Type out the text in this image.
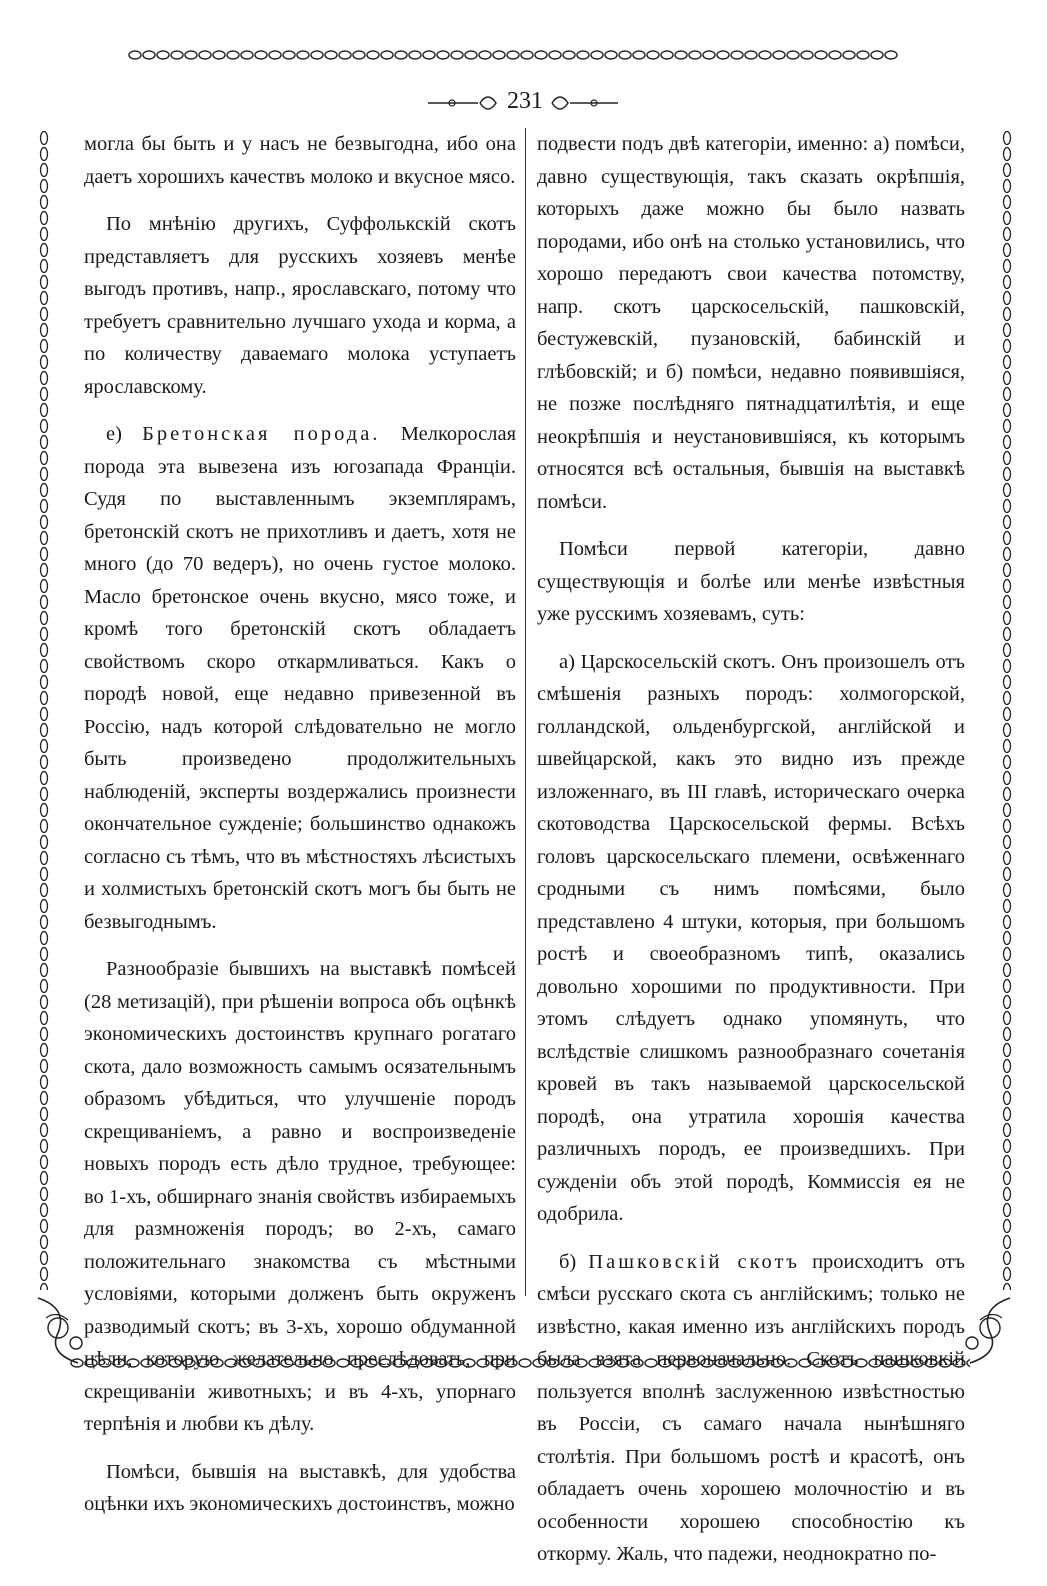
231

могла бы быть и у насъ не безвыгодна, ибо она даетъ хорошихъ качествъ молоко и вкусное мясо.

По мнѣнію другихъ, Суффолькскій скотъ представляетъ для русскихъ хозяевъ менѣе выгодъ противъ, напр., ярославскаго, потому что требуетъ сравнительно лучшаго ухода и корма, а по количеству даваемаго молока уступаетъ ярославскому.

е) Бретонская порода. Мелкорослая порода эта вывезена изъ югозапада Франціи. Судя по выставленнымъ экземплярамъ, бретонскій скотъ не прихотливъ и даетъ, хотя не много (до 70 ведеръ), но очень густое молоко. Масло бретонское очень вкусно, мясо тоже, и кромѣ того бретонскій скотъ обладаетъ свойствомъ скоро откармливаться. Какъ о породѣ новой, еще недавно привезенной въ Россію, надъ которой слѣдовательно не могло быть произведено продолжительныхъ наблюденій, эксперты воздержались произнести окончательное сужденіе; большинство однакожъ согласно съ тѣмъ, что въ мѣстностяхъ лѣсистыхъ и холмистыхъ бретонскій скотъ могъ бы быть не безвыгоднымъ.

Разнообразіе бывшихъ на выставкѣ помѣсей (28 метизацій), при рѣшеніи вопроса объ оцѣнкѣ экономическихъ достоинствъ крупнаго рогатаго скота, дало возможность самымъ осязательнымъ образомъ убѣдиться, что улучшеніе породъ скрещиваніемъ, а равно и воспроизведеніе новыхъ породъ есть дѣло трудное, требующее: во 1-хъ, обширнаго знанія свойствъ избираемыхъ для размноженія породъ; во 2-хъ, самаго положительнаго знакомства съ мѣстными условіями, которыми долженъ быть окруженъ разводимый скотъ; въ 3-хъ, хорошо обдуманной цѣли, которую желательно преслѣдовать, при скрещиваніи животныхъ; и въ 4-хъ, упорнаго терпѣнія и любви къ дѣлу.

Помѣси, бывшія на выставкѣ, для удобства оцѣнки ихъ экономическихъ достоинствъ, можно

подвести подъ двѣ категоріи, именно: а) помѣси, давно существующія, такъ сказать окрѣпшія, которыхъ даже можно бы было назвать породами, ибо онѣ на столько установились, что хорошо передаютъ свои качества потомству, напр. скотъ царскосельскій, пашковскій, бестужевскій, пузановскій, бабинскій и глѣбовскій; и б) помѣси, недавно появившіяся, не позже послѣдняго пятнадцатилѣтія, и еще неокрѣпшія и неустановившіяся, къ которымъ относятся всѣ остальныя, бывшія на выставкѣ помѣси.

Помѣси первой категоріи, давно существующія и болѣе или менѣе извѣстныя уже русскимъ хозяевамъ, суть:

а) Царскосельскій скотъ. Онъ произошелъ отъ смѣшенія разныхъ породъ: холмогорской, голландской, ольденбургской, англійской и швейцарской, какъ это видно изъ прежде изложеннаго, въ III главѣ, историческаго очерка скотоводства Царскосельской фермы. Всѣхъ головъ царскосельскаго племени, освѣженнаго сродными съ нимъ помѣсями, было представлено 4 штуки, которыя, при большомъ ростѣ и своеобразномъ типѣ, оказались довольно хорошими по продуктивности. При этомъ слѣдуетъ однако упомянуть, что вслѣдствіе слишкомъ разнообразнаго сочетанія кровей въ такъ называемой царскосельской породѣ, она утратила хорошія качества различныхъ породъ, ее произведшихъ. При сужденіи объ этой породѣ, Коммиссія ея не одобрила.

б) Пашковскій скотъ происходитъ отъ смѣси русскаго скота съ англійскимъ; только не извѣстно, какая именно изъ англійскихъ породъ была взята первоначально. Скотъ пашковкій пользуется вполнѣ заслуженною извѣстностью въ Россіи, съ самаго начала нынѣшняго столѣтія. При большомъ ростѣ и красотѣ, онъ обладаетъ очень хорошею молочностію и въ особенности хорошею способностію къ откорму. Жаль, что падежи, неоднократно по-
